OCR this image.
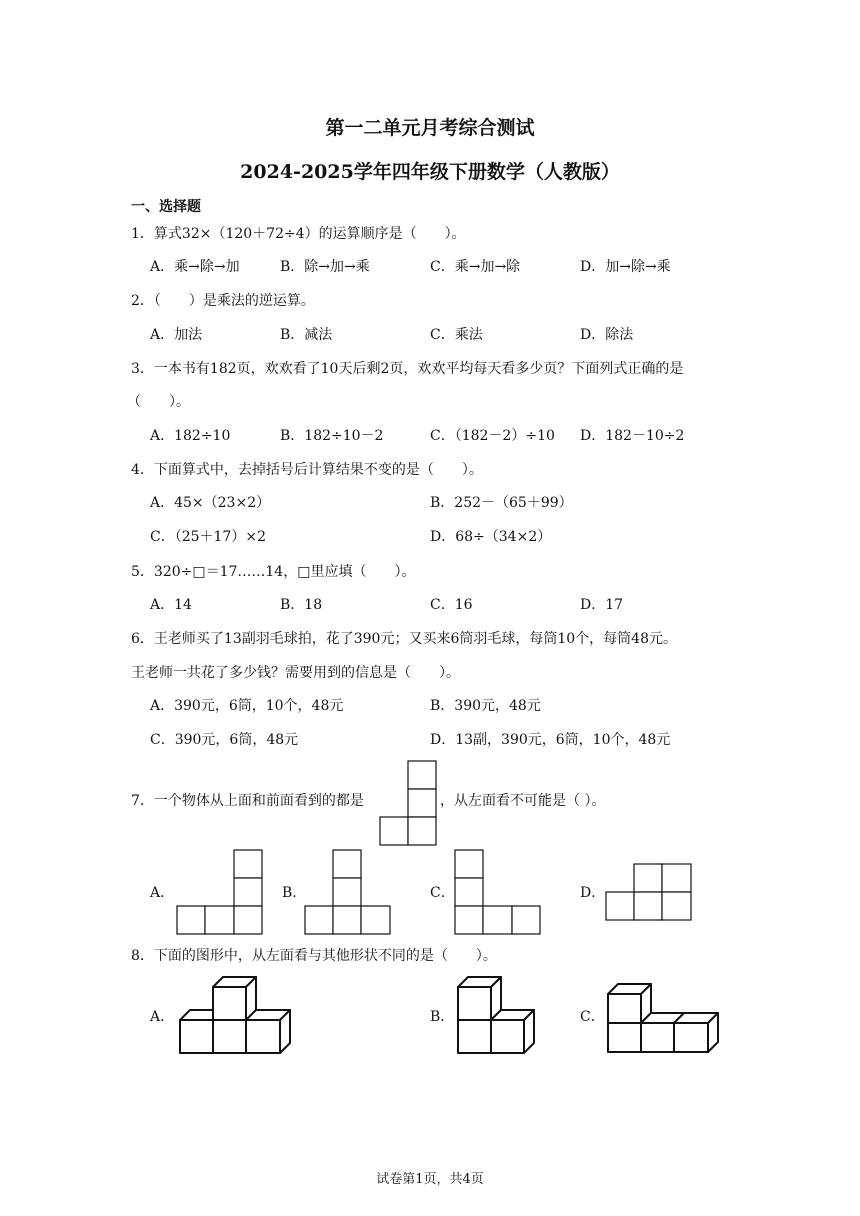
第一二单元月考综合测试
2024-2025学年四年级下册数学（人教版）
一、选择题
1．算式32×（120＋72÷4）的运算顺序是（　　）。
A．乘→除→加	B．除→加→乘	C．乘→加→除	D．加→除→乘
2．（　　）是乘法的逆运算。
A．加法	B．减法	C．乘法	D．除法
3．一本书有182页，欢欢看了10天后剩2页，欢欢平均每天看多少页？下面列式正确的是
（　　）。
A．182÷10	B．182÷10－2	C．（182－2）÷10 D．182－10÷2
4．下面算式中，去掉括号后计算结果不变的是（　　）。
A．45×（23×2）	B．252－（65＋99）
C．（25＋17）×2	D．68÷（34×2）
5．320÷□＝17……14，□里应填（　　）。
A．14	B．18	C．16	D．17
6．王老师买了13副羽毛球拍，花了390元；又买来6筒羽毛球，每筒10个，每筒48元。
王老师一共花了多少钱？需要用到的信息是（　　）。
A．390元，6筒，10个，48元	B．390元，48元
C．390元，6筒，48元	D．13副，390元，6筒，10个，48元
7．一个物体从上面和前面看到的都是	，从左面看不可能是（ ）。
A．	B．	C．	D．
8．下面的图形中，从左面看与其他形状不同的是（　　）。
A．	B．	C．
试卷第1页，共4页
